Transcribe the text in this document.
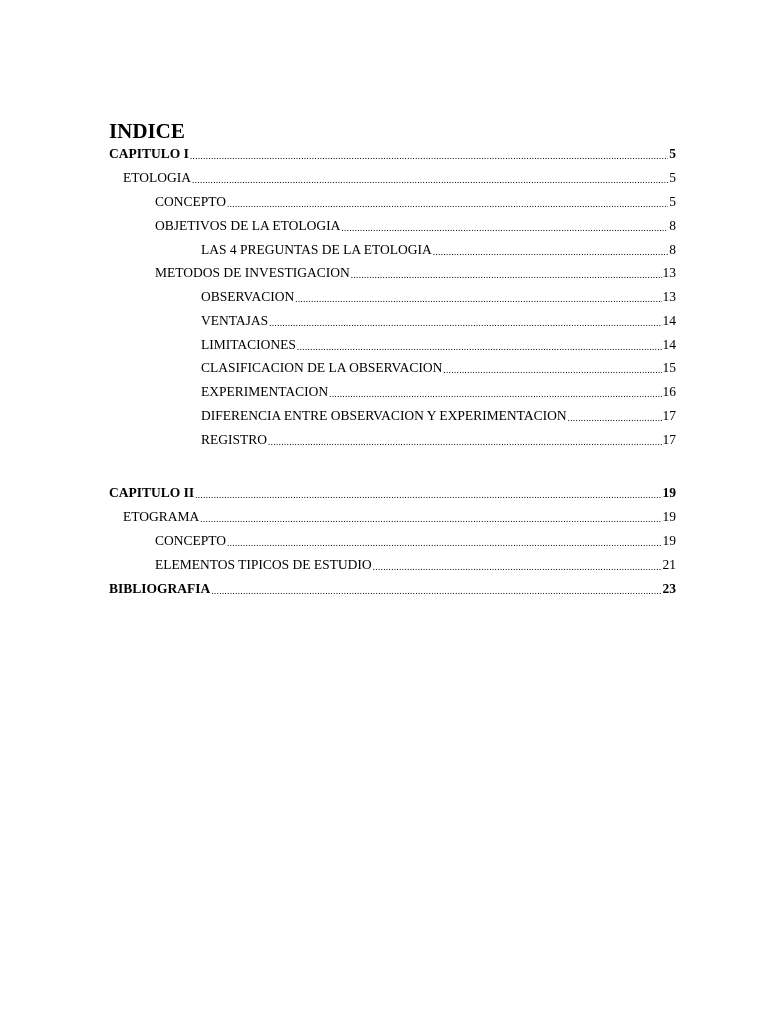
INDICE
CAPITULO I .....	5
ETOLOGIA .....	5
CONCEPTO .....	5
OBJETIVOS DE LA ETOLOGIA .....	8
LAS 4 PREGUNTAS DE LA ETOLOGIA .....	8
METODOS DE INVESTIGACION .....	13
OBSERVACION .....	13
VENTAJAS .....	14
LIMITACIONES .....	14
CLASIFICACION DE LA OBSERVACION .....	15
EXPERIMENTACION .....	16
DIFERENCIA ENTRE OBSERVACION Y EXPERIMENTACION .....	17
REGISTRO .....	17
CAPITULO II .....	19
ETOGRAMA .....	19
CONCEPTO .....	19
ELEMENTOS TIPICOS DE ESTUDIO .....	21
BIBLIOGRAFIA .....	23
